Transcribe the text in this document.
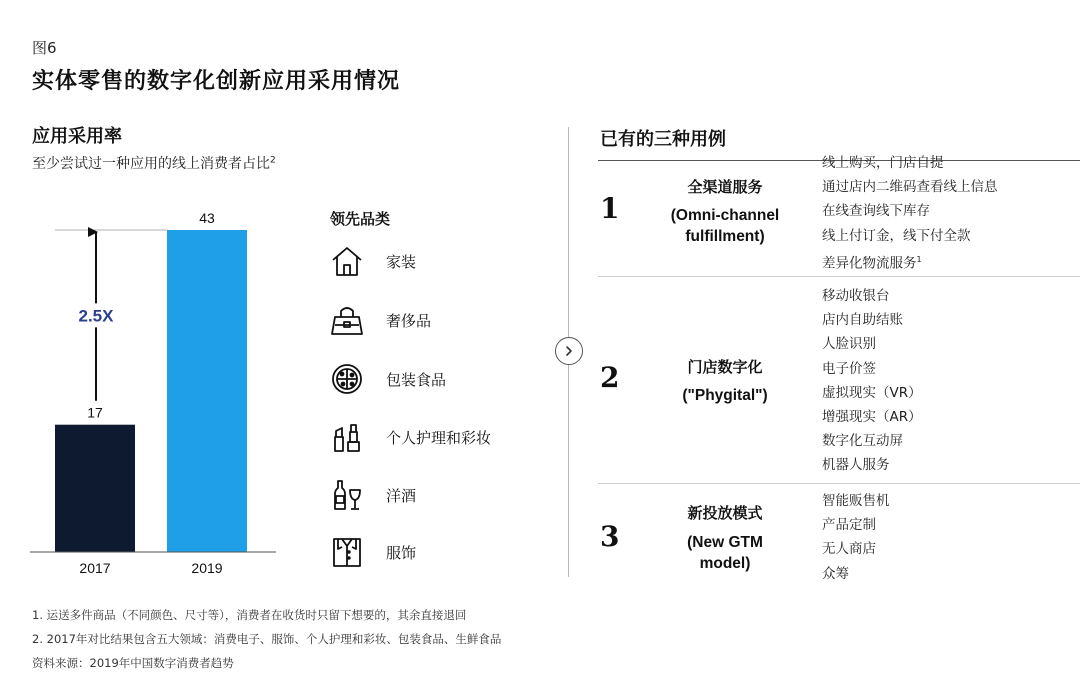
图6
实体零售的数字化创新应用采用情况
应用采用率
至少尝试过一种应用的线上消费者占比$^2$
17
43
2017	2019
2.5X
领先品类
家装
奢侈品
包装食品
个人护理和彩妆
洋酒
服饰
已有的三种用例
1
全渠道服务
(Omni-channel
fulfillment)
线上购买，门店自提
通过店内二维码查看线上信息
在线查询线下库存
线上付订金，线下付全款
差异化物流服务$^1$
2	门店数字化
("Phygital")
移动收银台
店内自助结账
人脸识别
电子价签
虚拟现实（VR）
增强现实（AR）
数字化互动屏
机器人服务
3
新投放模式
(New GTM
model)
智能贩售机
产品定制
无人商店
众筹
1. 运送多件商品（不同颜色、尺寸等），消费者在收货时只留下想要的，其余直接退回
2. 2017年对比结果包含五大领域：消费电子、服饰、个人护理和彩妆、包装食品、生鲜食品
资料来源：2019年中国数字消费者趋势
